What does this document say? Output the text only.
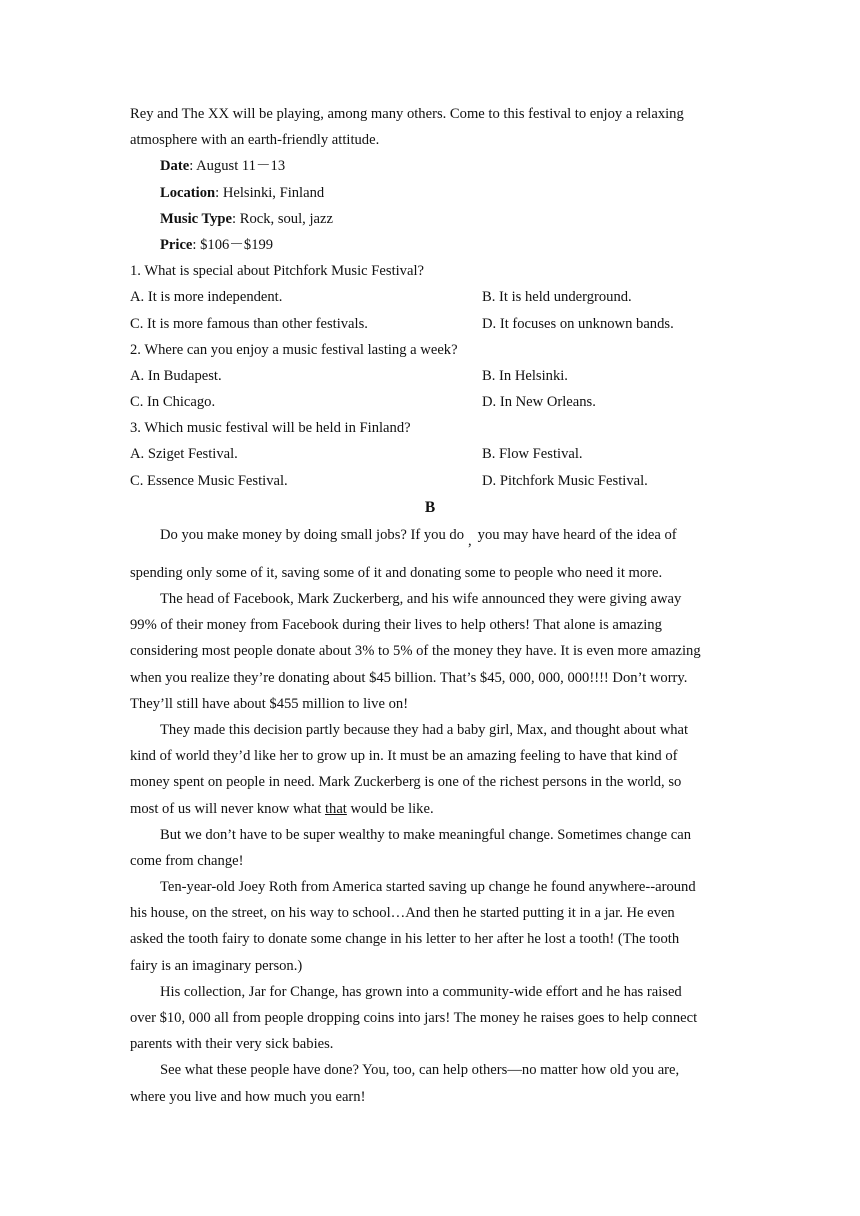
Rey and The XX will be playing, among many others. Come to this festival to enjoy a relaxing
atmosphere with an earth-friendly attitude.
Date: August 11－13
Location: Helsinki, Finland
Music Type: Rock, soul, jazz
Price: $106－$199
1. What is special about Pitchfork Music Festival?
A. It is more independent.	B. It is held underground.
C. It is more famous than other festivals.	D. It focuses on unknown bands.
2. Where can you enjoy a music festival lasting a week?
A. In Budapest.	B. In Helsinki.
C. In Chicago.	D. In New Orleans.
3. Which music festival will be held in Finland?
A. Sziget Festival.	B. Flow Festival.
C. Essence Music Festival.	D. Pitchfork Music Festival.
B
Do you make money by doing small jobs? If you do , you may have heard of the idea of
spending only some of it, saving some of it and donating some to people who need it more.
The head of Facebook, Mark Zuckerberg, and his wife announced they were giving away
99% of their money from Facebook during their lives to help others! That alone is amazing
considering most people donate about 3% to 5% of the money they have. It is even more amazing
when you realize they’re donating about $45 billion. That’s $45, 000, 000, 000!!!! Don’t worry.
They’ll still have about $455 million to live on!
They made this decision partly because they had a baby girl, Max, and thought about what
kind of world they’d like her to grow up in. It must be an amazing feeling to have that kind of
money spent on people in need. Mark Zuckerberg is one of the richest persons in the world, so
most of us will never know what that would be like.
But we don’t have to be super wealthy to make meaningful change. Sometimes change can
come from change!
Ten-year-old Joey Roth from America started saving up change he found anywhere--around
his house, on the street, on his way to school…And then he started putting it in a jar. He even
asked the tooth fairy to donate some change in his letter to her after he lost a tooth! (The tooth
fairy is an imaginary person.)
His collection, Jar for Change, has grown into a community-wide effort and he has raised
over $10, 000 all from people dropping coins into jars! The money he raises goes to help connect
parents with their very sick babies.
See what these people have done? You, too, can help others—no matter how old you are,
where you live and how much you earn!
